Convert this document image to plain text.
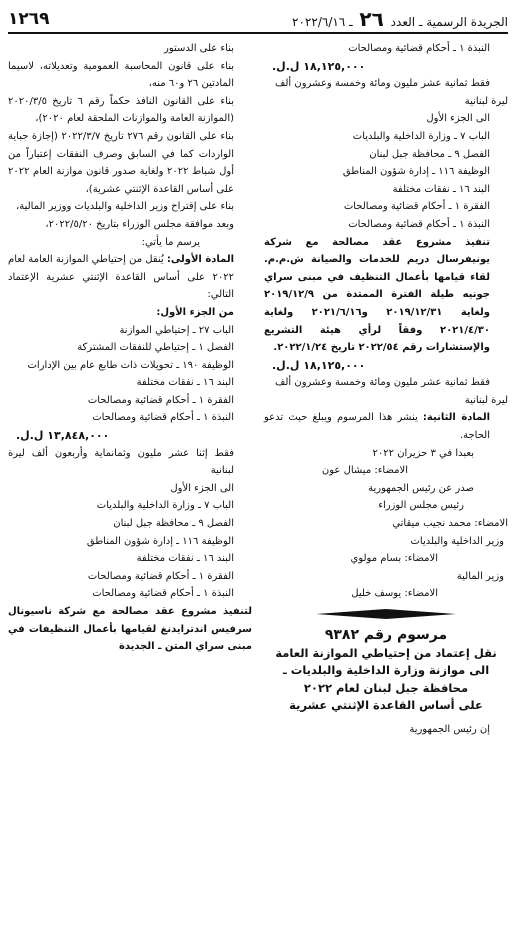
الجريدة الرسمية ـ العدد ٢٦ ـ ٢٠٢٢/٦/١٦
١٢٦٩

النبذة ١ ـ أحكام قضائية ومصالحات

١٨,١٢٥,٠٠٠ ل.ل.

فقط ثمانية عشر مليون ومائة وخمسة وعشرون ألف

ليرة لبنانية

الى الجزء الأول

الباب ٧ ـ وزارة الداخلية والبلديات

الفصل ٩ ـ محافظة جبل لبنان

الوظيفة ١١٦ ـ إدارة شؤون المناطق

البند ١٦ ـ نفقات مختلفة

الفقرة ١ ـ أحكام قضائية ومصالحات

النبذة ١ ـ أحكام قضائية ومصالحات

تنفيذ مشروع عقد مصالحة مع شركة يونيفرسال دريم للخدمات والصيانة ش.م.م. لقاء قيامها بأعمال التنظيف في مبنى سراي جونيه طيلة الفترة الممتدة من ٢٠١٩/١٢/٩ ولغاية ٢٠١٩/١٢/٣١ و٢٠٢١/٦/١٦ ولغاية ٢٠٢١/٤/٣٠ وفقاً لرأي هيئة التشريع والإستشارات رقم ٢٠٢٢/٥٤ تاريخ ٢٠٢٢/١/٢٤.

١٨,١٢٥,٠٠٠ ل.ل.

فقط ثمانية عشر مليون ومائة وخمسة وعشرون ألف

ليرة لبنانية

المادة الثانية: ينشر هذا المرسوم ويبلغ حيث تدعو الحاجة.

بعبدا في ٣ حزيران ٢٠٢٢

الامضاء: ميشال عون

صدر عن رئيس الجمهورية

رئيس مجلس الوزراء

الامضاء: محمد نجيب ميقاتي

وزير الداخلية والبلديات

الامضاء: بسام مولوي

وزير المالية

الامضاء: يوسف خليل

مرسوم رقم ٩٣٨٢

نقل إعتماد من إحتياطي الموازنة العامة

الى موازنة وزارة الداخلية والبلديات ـ

محافظة جبل لبنان لعام ٢٠٢٢

على أساس القاعدة الإثنتي عشرية

إن رئيس الجمهورية

بناء على الدستور

بناء على قانون المحاسبة العمومية وتعديلاته، لاسيما المادتين ٢٦ و٦٠ منه،

بناء على القانون النافذ حكماً رقم ٦ تاريخ ٢٠٢٠/٣/٥ (الموازنة العامة والموازنات الملحقة لعام ٢٠٢٠)،

بناء على القانون رقم ٢٧٦ تاريخ ٢٠٢٢/٣/٧ (إجازة جباية الواردات كما في السابق وصرف النفقات إعتباراً من أول شباط ٢٠٢٢ ولغاية صدور قانون موازنة العام ٢٠٢٢ على أساس القاعدة الإثنتي عشرية)،

بناء على إقتراح وزير الداخلية والبلديات ووزير المالية،

وبعد موافقة مجلس الوزراء بتاريخ ٢٠٢٢/٥/٢٠،

يرسم ما يأتي:

المادة الأولى: يُنقل من إحتياطي الموازنة العامة لعام ٢٠٢٢ على أساس القاعدة الإثنتي عشرية الإعتماد التالي:

من الجزء الأول:

الباب ٢٧ ـ إحتياطي الموازنة

الفصل ١ ـ إحتياطي للنفقات المشتركة

الوظيفة ١٩٠ ـ تحويلات ذات طابع عام بين الإدارات

البند ١٦ ـ نفقات مختلفة

الفقرة ١ ـ أحكام قضائية ومصالحات

النبذة ١ ـ أحكام قضائية ومصالحات

١٣,٨٤٨,٠٠٠ ل.ل.

فقط إثنا عشر مليون وثمانماية وأربعون ألف ليرة لبنانية

الى الجزء الأول

الباب ٧ ـ وزارة الداخلية والبلديات

الفصل ٩ ـ محافظة جبل لبنان

الوظيفة ١١٦ ـ إدارة شؤون المناطق

البند ١٦ ـ نفقات مختلفة

الفقرة ١ ـ أحكام قضائية ومصالحات

النبذة ١ ـ أحكام قضائية ومصالحات

لتنفيذ مشروع عقد مصالحة مع شركة ناسيونال سرفيس اندترايدنغ لقيامها بأعمال التنظيفات في مبنى سراي المتن ـ الجديدة
